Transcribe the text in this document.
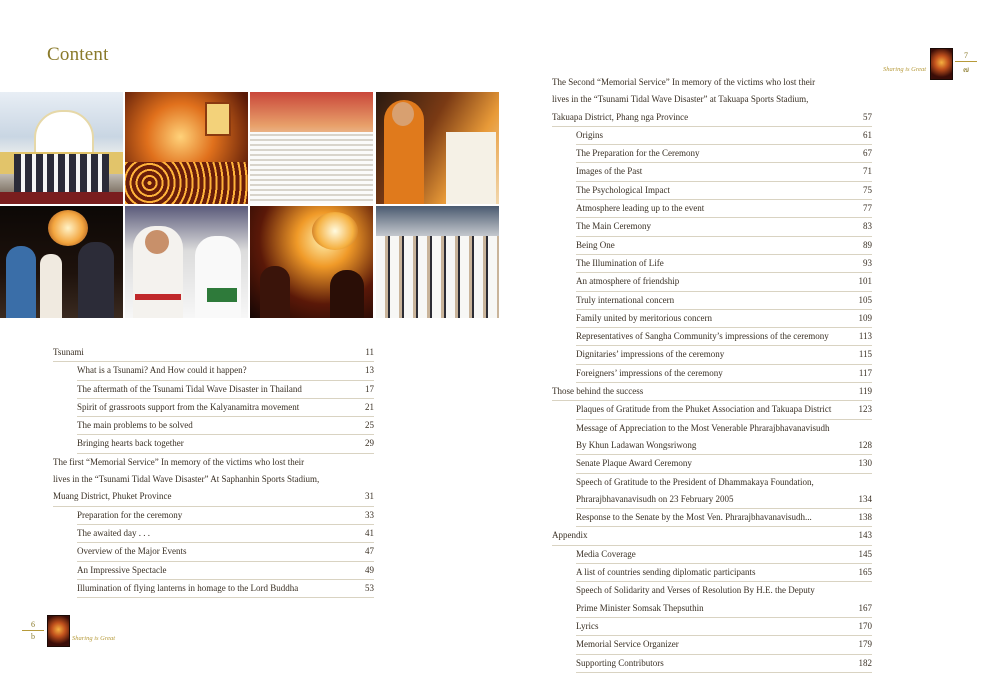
Content
Sharing is Great
7
๗
Tsunami	11
What is a Tsunami? And How could it happen?	13
The aftermath of the Tsunami Tidal Wave Disaster in Thailand	17
Spirit of grassroots support from the Kalyanamitra movement	21
The main problems to be solved	25
Bringing hearts back together	29
The first “Memorial Service” In memory of the victims who lost their
lives in the “Tsunami Tidal Wave Disaster” At Saphanhin Sports Stadium,
Muang District, Phuket Province	31
Preparation for the ceremony	33
The awaited day . . .	41
Overview of the Major Events	47
An Impressive Spectacle	49
Illumination of flying lanterns in homage to the Lord Buddha	53
The Second “Memorial Service” In memory of the victims who lost their
lives in the “Tsunami Tidal Wave Disaster” at Takuapa Sports Stadium,
Takuapa District, Phang nga Province	57
Origins	61
The Preparation for the Ceremony	67
Images of the Past	71
The Psychological Impact	75
Atmosphere leading up to the event	77
The Main Ceremony	83
Being One	89
The Illumination of Life	93
An atmosphere of friendship	101
Truly international concern	105
Family united by meritorious concern	109
Representatives of Sangha Community’s impressions of the ceremony	113
Dignitaries’ impressions of the ceremony	115
Foreigners’ impressions of the ceremony	117
Those behind the success	119
Plaques of Gratitude from the Phuket Association and Takuapa District	123
Message of Appreciation to the Most Venerable Phrarajbhavanavisudh
By Khun Ladawan Wongsriwong	128
Senate Plaque Award Ceremony	130
Speech of Gratitude to the President of Dhammakaya Foundation,
Phrarajbhavanavisudh on 23 February 2005	134
Response to the Senate by the Most Ven. Phrarajbhavanavisudh...	138
Appendix	143
Media Coverage	145
A list of countries sending diplomatic participants	165
Speech of Solidarity and Verses of Resolution By H.E. the Deputy
Prime Minister Somsak Thepsuthin	167
Lyrics	170
Memorial Service Organizer	179
Supporting Contributors	182
6
b	Sharing is Great
